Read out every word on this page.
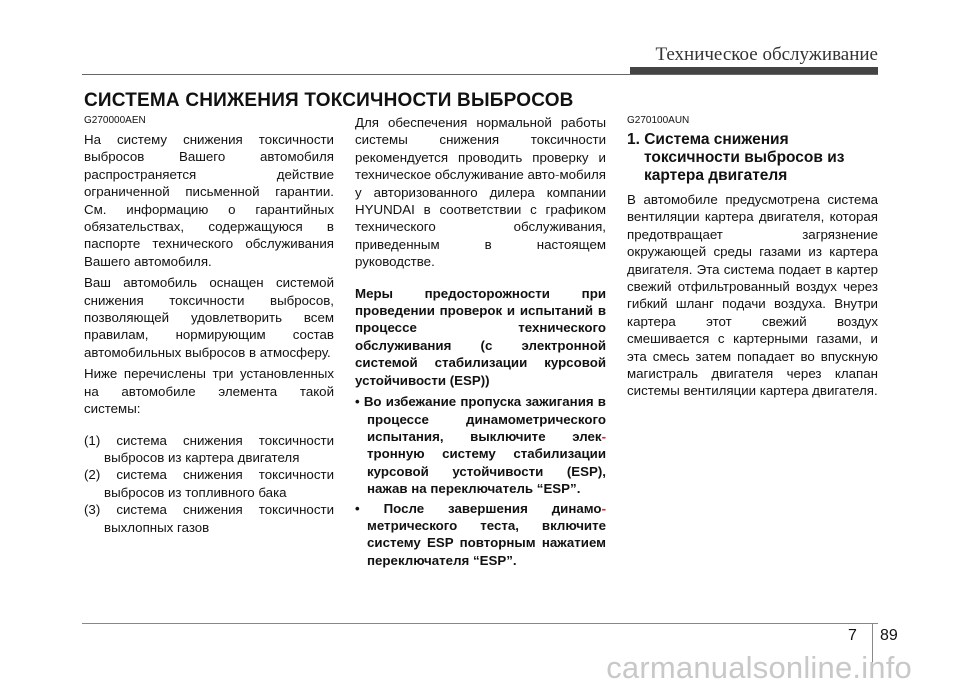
Техническое обслуживание
СИСТЕМА СНИЖЕНИЯ ТОКСИЧНОСТИ ВЫБРОСОВ
G270000AEN

На систему снижения токсичности выбросов Вашего автомобиля распространяется действие ограниченной письменной гарантии. См. информацию о гарантийных обязательствах, содержащуюся в паспорте технического обслуживания Вашего автомобиля.

Ваш автомобиль оснащен системой снижения токсичности выбросов, позволяющей удовлетворить всем правилам, нормирующим состав автомобильных выбросов в атмосферу.

Ниже перечислены три установленных на автомобиле элемента такой системы:

(1) система снижения токсичности выбросов из картера двигателя

(2) система снижения токсичности выбросов из топливного бака

(3) система снижения токсичности выхлопных газов

Для обеспечения нормальной работы системы снижения токсичности рекомендуется проводить проверку и техническое обслуживание авто-мобиля у авторизованного дилера компании HYUNDAI в соответствии с графиком технического обслуживания, приведенным в настоящем руководстве.

Меры предосторожности при проведении проверок и испытаний в процессе технического обслуживания (с электронной системой стабилизации курсовой устойчивости (ESP))

• Во избежание пропуска зажигания в процессе динамометрического испытания, выключите элек-тронную систему стабилизации курсовой устойчивости (ESP), нажав на переключатель “ESP”.

• После завершения динамо-метрического теста, включите систему ESP повторным нажатием переключателя “ESP”.

G270100AUN
1. Система снижения токсичности выбросов из картера двигателя

В автомобиле предусмотрена система вентиляции картера двигателя, которая предотвращает загрязнение окружающей среды газами из картера двигателя. Эта система подает в картер свежий отфильтрованный воздух через гибкий шланг подачи воздуха. Внутри картера этот свежий воздух смешивается с картерными газами, и эта смесь затем попадает во впускную магистраль двигателя через клапан системы вентиляции картера двигателя.

7 89
carmanualsonline.info
